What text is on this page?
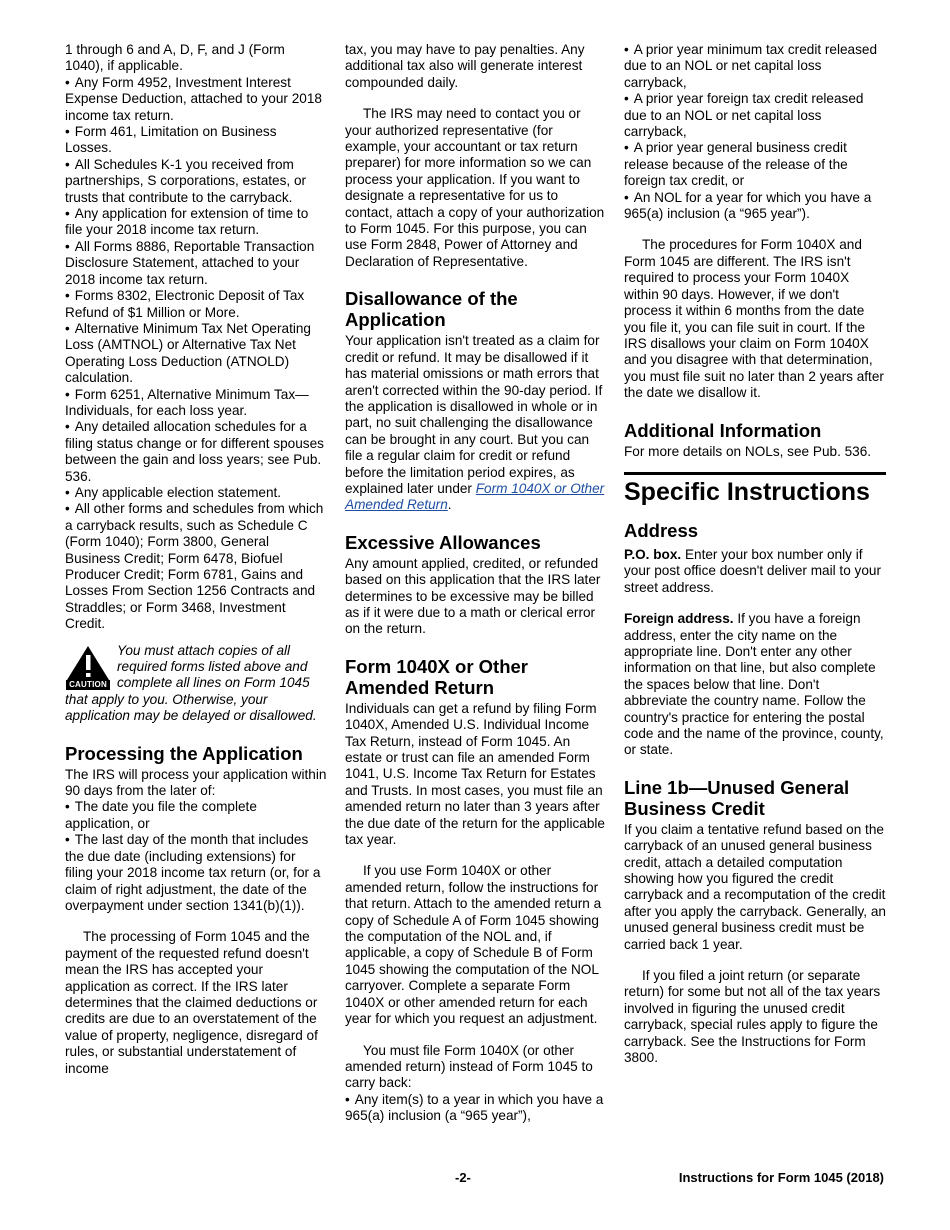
1 through 6 and A, D, F, and J (Form 1040), if applicable.

• Any Form 4952, Investment Interest Expense Deduction, attached to your 2018 income tax return.
• Form 461, Limitation on Business Losses.
• All Schedules K-1 you received from partnerships, S corporations, estates, or trusts that contribute to the carryback.
• Any application for extension of time to file your 2018 income tax return.
• All Forms 8886, Reportable Transaction Disclosure Statement, attached to your 2018 income tax return.
• Forms 8302, Electronic Deposit of Tax Refund of $1 Million or More.
• Alternative Minimum Tax Net Operating Loss (AMTNOL) or Alternative Tax Net Operating Loss Deduction (ATNOLD) calculation.
• Form 6251, Alternative Minimum Tax—Individuals, for each loss year.
• Any detailed allocation schedules for a filing status change or for different spouses between the gain and loss years; see Pub. 536.
• Any applicable election statement.
• All other forms and schedules from which a carryback results, such as Schedule C (Form 1040); Form 3800, General Business Credit; Form 6478, Biofuel Producer Credit; Form 6781, Gains and Losses From Section 1256 Contracts and Straddles; or Form 3468, Investment Credit.
CAUTION
You must attach copies of all required forms listed above and complete all lines on Form 1045 that apply to you. Otherwise, your application may be delayed or disallowed.
Processing the Application

The IRS will process your application within 90 days from the later of:

• The date you file the complete application, or
• The last day of the month that includes the due date (including extensions) for filing your 2018 income tax return (or, for a claim of right adjustment, the date of the overpayment under section 1341(b)(1)).

The processing of Form 1045 and the payment of the requested refund doesn't mean the IRS has accepted your application as correct. If the IRS later determines that the claimed deductions or credits are due to an overstatement of the value of property, negligence, disregard of rules, or substantial understatement of income

tax, you may have to pay penalties. Any additional tax also will generate interest compounded daily.

The IRS may need to contact you or your authorized representative (for example, your accountant or tax return preparer) for more information so we can process your application. If you want to designate a representative for us to contact, attach a copy of your authorization to Form 1045. For this purpose, you can use Form 2848, Power of Attorney and Declaration of Representative.

Disallowance of the Application

Your application isn't treated as a claim for credit or refund. It may be disallowed if it has material omissions or math errors that aren't corrected within the 90-day period. If the application is disallowed in whole or in part, no suit challenging the disallowance can be brought in any court. But you can file a regular claim for credit or refund before the limitation period expires, as explained later under Form 1040X or Other Amended Return.

Excessive Allowances

Any amount applied, credited, or refunded based on this application that the IRS later determines to be excessive may be billed as if it were due to a math or clerical error on the return.

Form 1040X or Other Amended Return

Individuals can get a refund by filing Form 1040X, Amended U.S. Individual Income Tax Return, instead of Form 1045. An estate or trust can file an amended Form 1041, U.S. Income Tax Return for Estates and Trusts. In most cases, you must file an amended return no later than 3 years after the due date of the return for the applicable tax year.

If you use Form 1040X or other amended return, follow the instructions for that return. Attach to the amended return a copy of Schedule A of Form 1045 showing the computation of the NOL and, if applicable, a copy of Schedule B of Form 1045 showing the computation of the NOL carryover. Complete a separate Form 1040X or other amended return for each year for which you request an adjustment.

You must file Form 1040X (or other amended return) instead of Form 1045 to carry back:

• Any item(s) to a year in which you have a 965(a) inclusion (a “965 year”),
• A prior year minimum tax credit released due to an NOL or net capital loss carryback,
• A prior year foreign tax credit released due to an NOL or net capital loss carryback,
• A prior year general business credit release because of the release of the foreign tax credit, or
• An NOL for a year for which you have a 965(a) inclusion (a “965 year”).

The procedures for Form 1040X and Form 1045 are different. The IRS isn't required to process your Form 1040X within 90 days. However, if we don't process it within 6 months from the date you file it, you can file suit in court. If the IRS disallows your claim on Form 1040X and you disagree with that determination, you must file suit no later than 2 years after the date we disallow it.

Additional Information

For more details on NOLs, see Pub. 536.

Specific Instructions
Address

P.O. box. Enter your box number only if your post office doesn't deliver mail to your street address.

Foreign address. If you have a foreign address, enter the city name on the appropriate line. Don't enter any other information on that line, but also complete the spaces below that line. Don't abbreviate the country name. Follow the country's practice for entering the postal code and the name of the province, county, or state.

Line 1b—Unused General Business Credit

If you claim a tentative refund based on the carryback of an unused general business credit, attach a detailed computation showing how you figured the credit carryback and a recomputation of the credit after you apply the carryback. Generally, an unused general business credit must be carried back 1 year.

If you filed a joint return (or separate return) for some but not all of the tax years involved in figuring the unused credit carryback, special rules apply to figure the carryback. See the Instructions for Form 3800.

-2-	Instructions for Form 1045 (2018)
